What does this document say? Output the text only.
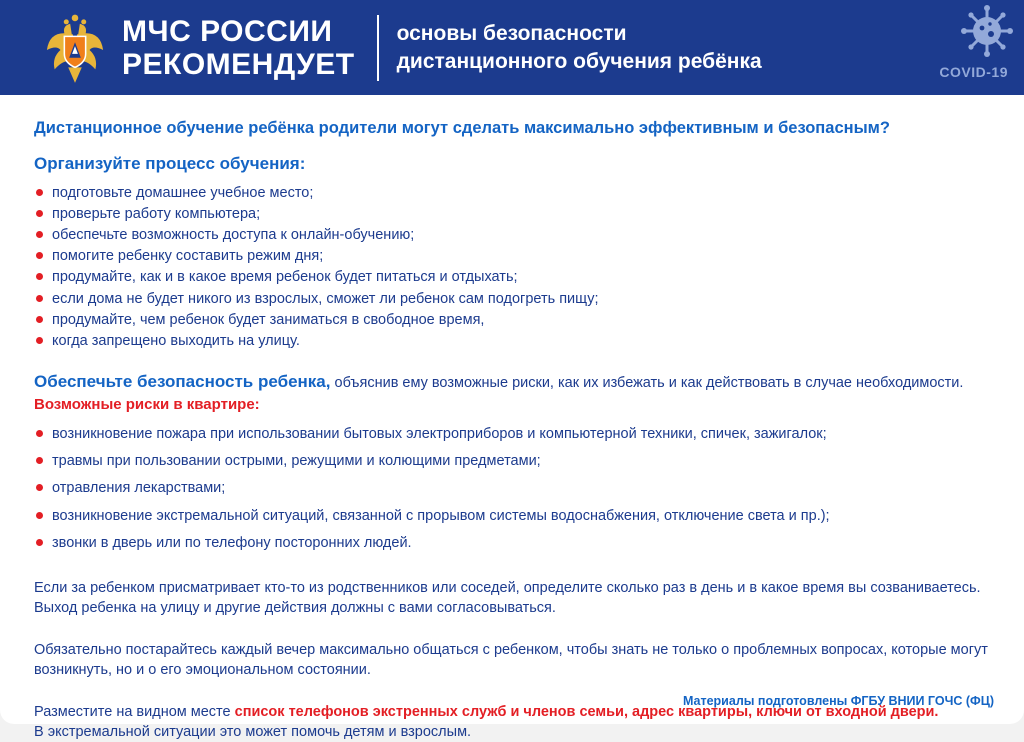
МЧС РОССИИ
РЕКОМЕНДУЕТ
основы безопасности
дистанционного обучения ребёнка	COVID-19
Дистанционное обучение ребёнка родители могут сделать максимально эффективным и безопасным?
Организуйте процесс обучения:
подготовьте домашнее учебное место;
проверьте работу компьютера;
обеспечьте возможность доступа к онлайн-обучению;
помогите ребенку составить режим дня;
продумайте, как и в какое время ребенок будет питаться и отдыхать;
если дома не будет никого из взрослых, сможет ли ребенок сам подогреть пищу;
продумайте, чем ребенок будет заниматься в свободное время,
когда запрещено выходить на улицу.

Обеспечьте безопасность ребенка, объяснив ему возможные риски, как их избежать и как действовать в случае необходимости.

Возможные риски в квартире:
возникновение пожара при использовании бытовых электроприборов и компьютерной техники, спичек, зажигалок;
травмы при пользовании острыми, режущими и колющими предметами;
отравления лекарствами;
возникновение экстремальной ситуаций, связанной с прорывом системы водоснабжения, отключение света и пр.);
звонки в дверь или по телефону посторонних людей.

Если за ребенком присматривает кто-то из родственников или соседей, определите сколько раз в день и в какое время вы созваниваетесь. Выход ребенка на улицу и другие действия должны с вами согласовываться.

Обязательно постарайтесь каждый вечер максимально общаться с ребенком, чтобы знать не только о проблемных вопросах, которые могут возникнуть, но и о его эмоциональном состоянии.

Разместите на видном месте список телефонов экстренных служб и членов семьи, адрес квартиры, ключи от входной двери.
В экстремальной ситуации это может помочь детям и взрослым.

Материалы подготовлены ФГБУ ВНИИ ГОЧС (ФЦ)
